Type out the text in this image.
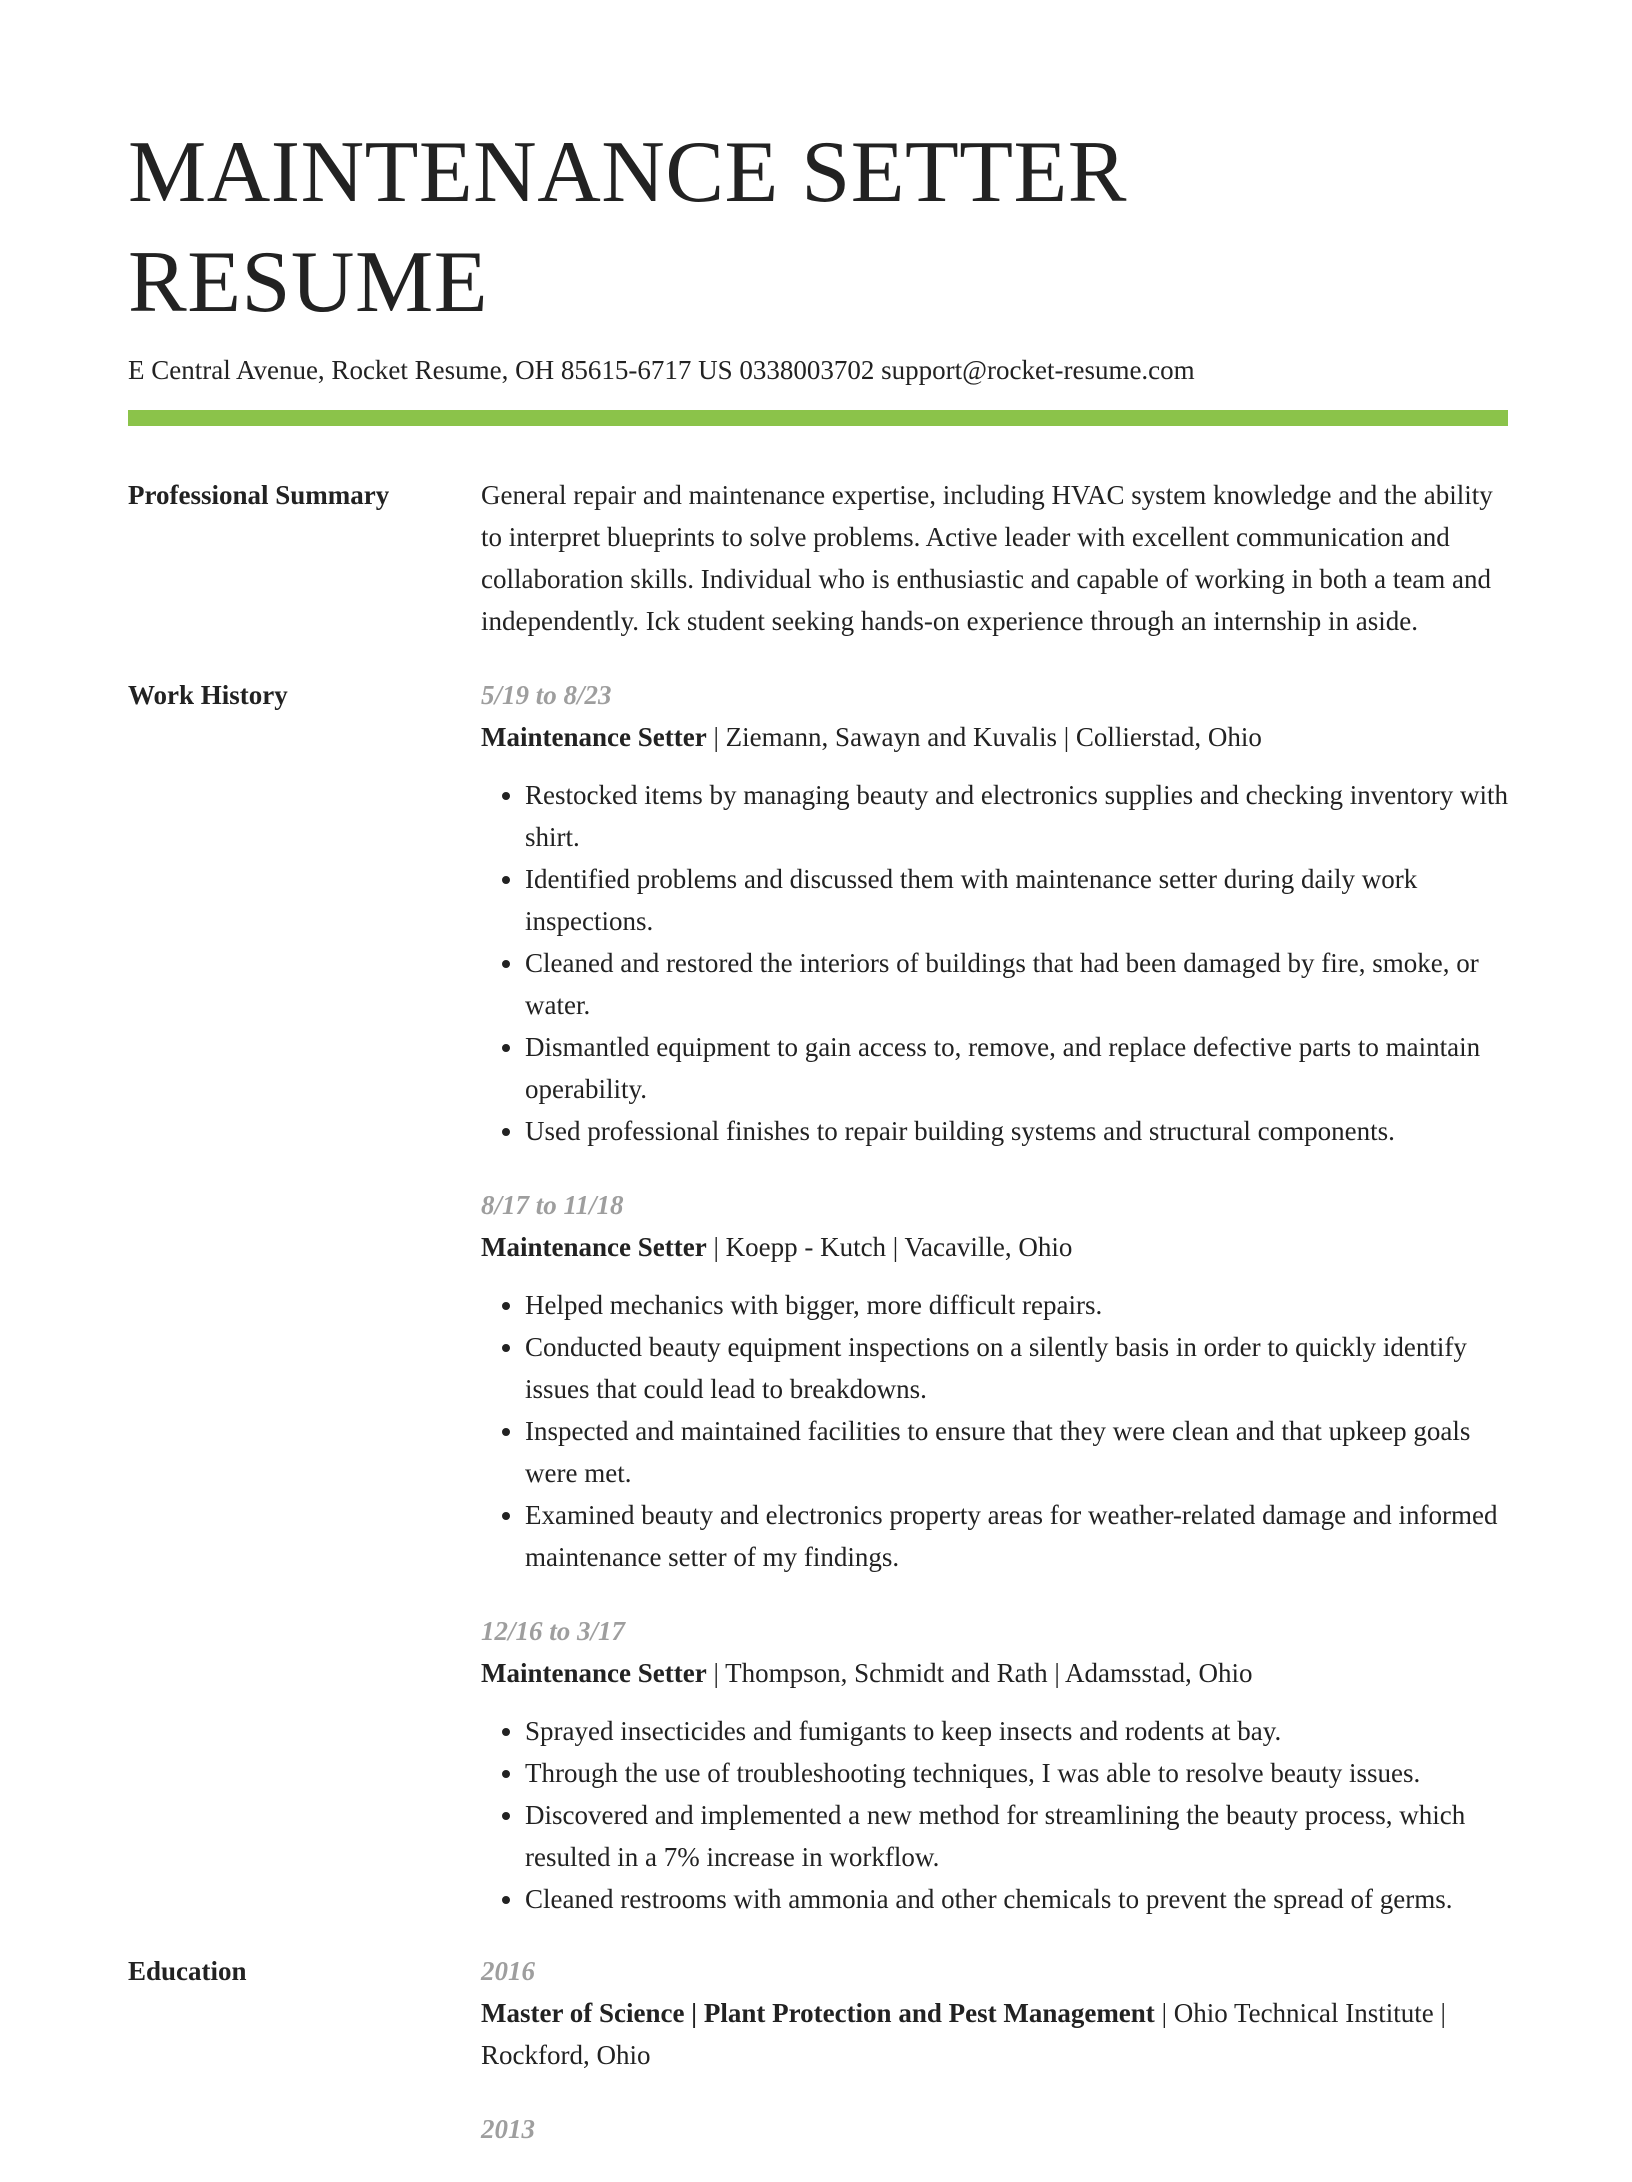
MAINTENANCE SETTER RESUME
E Central Avenue, Rocket Resume, OH 85615-6717 US 0338003702 support@rocket-resume.com
Professional Summary	General repair and maintenance expertise, including HVAC system knowledge and the ability to interpret blueprints to solve problems. Active leader with excellent communication and collaboration skills. Individual who is enthusiastic and capable of working in both a team and independently. Ick student seeking hands-on experience through an internship in aside.
Work History	5/19 to 8/23
Maintenance Setter | Ziemann, Sawayn and Kuvalis | Collierstad, Ohio
• Restocked items by managing beauty and electronics supplies and checking inventory with shirt.
• Identified problems and discussed them with maintenance setter during daily work inspections.
• Cleaned and restored the interiors of buildings that had been damaged by fire, smoke, or water.
• Dismantled equipment to gain access to, remove, and replace defective parts to maintain operability.
• Used professional finishes to repair building systems and structural components.
8/17 to 11/18
Maintenance Setter | Koepp - Kutch | Vacaville, Ohio
• Helped mechanics with bigger, more difficult repairs.
• Conducted beauty equipment inspections on a silently basis in order to quickly identify issues that could lead to breakdowns.
• Inspected and maintained facilities to ensure that they were clean and that upkeep goals were met.
• Examined beauty and electronics property areas for weather-related damage and informed maintenance setter of my findings.
12/16 to 3/17
Maintenance Setter | Thompson, Schmidt and Rath | Adamsstad, Ohio
• Sprayed insecticides and fumigants to keep insects and rodents at bay.
• Through the use of troubleshooting techniques, I was able to resolve beauty issues.
• Discovered and implemented a new method for streamlining the beauty process, which resulted in a 7% increase in workflow.
• Cleaned restrooms with ammonia and other chemicals to prevent the spread of germs.
Education	2016
Master of Science | Plant Protection and Pest Management | Ohio Technical Institute | Rockford, Ohio
2013
